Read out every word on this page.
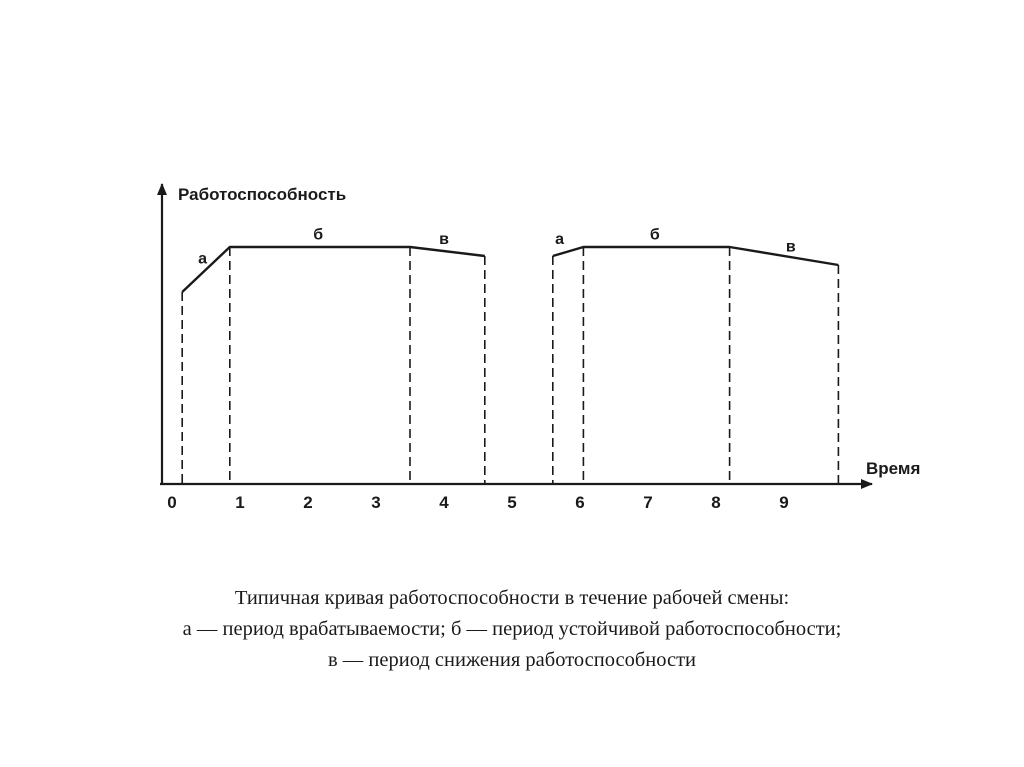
Работоспособность
Время
0	1	2	3	4	5	6	7	8	9
а
б	в	а	б
в
Типичная кривая работоспособности в течение рабочей смены:
а — период врабатываемости; б — период устойчивой работоспособности;
в — период снижения работоспособности
